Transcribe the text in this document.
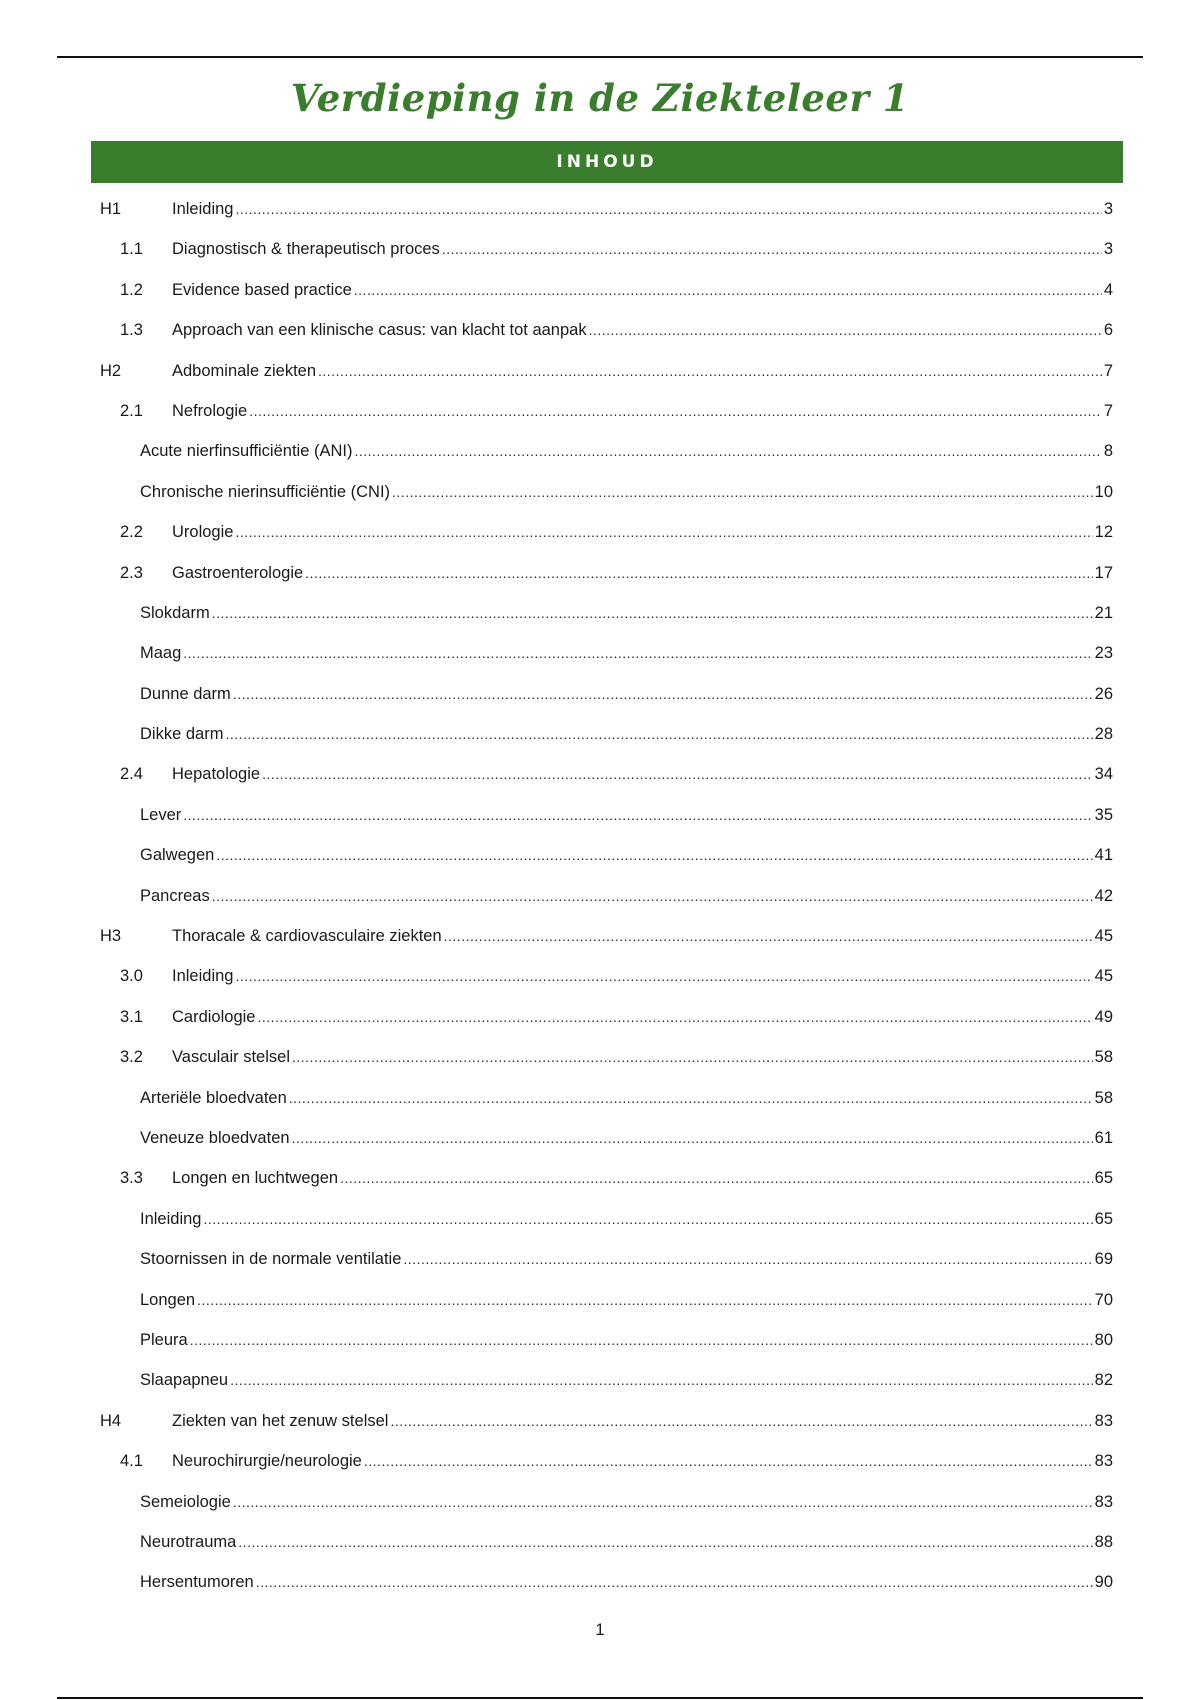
Verdieping in de Ziekteleer 1
INHOUD
H1	Inleiding .....	3
1.1 Diagnostisch & therapeutisch proces .....	3
1.2 Evidence based practice .....	4
1.3 Approach van een klinische casus: van klacht tot aanpak .....	6
H2	Adbominale ziekten .....	7
2.1 Nefrologie .....	7
Acute nierfinsufficiëntie (ANI) .....	8
Chronische nierinsufficiëntie (CNI) .....	10
2.2 Urologie .....	12
2.3 Gastroenterologie .....	17
Slokdarm .....	21
Maag .....	23
Dunne darm .....	26
Dikke darm .....	28
2.4 Hepatologie .....	34
Lever .....	35
Galwegen .....	41
Pancreas .....	42
H3	Thoracale & cardiovasculaire ziekten .....	45
3.0 Inleiding .....	45
3.1 Cardiologie .....	49
3.2 Vasculair stelsel .....	58
Arteriële bloedvaten .....	58
Veneuze bloedvaten .....	61
3.3 Longen en luchtwegen .....	65
Inleiding .....	65
Stoornissen in de normale ventilatie .....	69
Longen .....	70
Pleura .....	80
Slaapapneu .....	82
H4	Ziekten van het zenuw stelsel .....	83
4.1 Neurochirurgie/neurologie .....	83
Semeiologie .....	83
Neurotrauma .....	88
Hersentumoren .....	90
1
